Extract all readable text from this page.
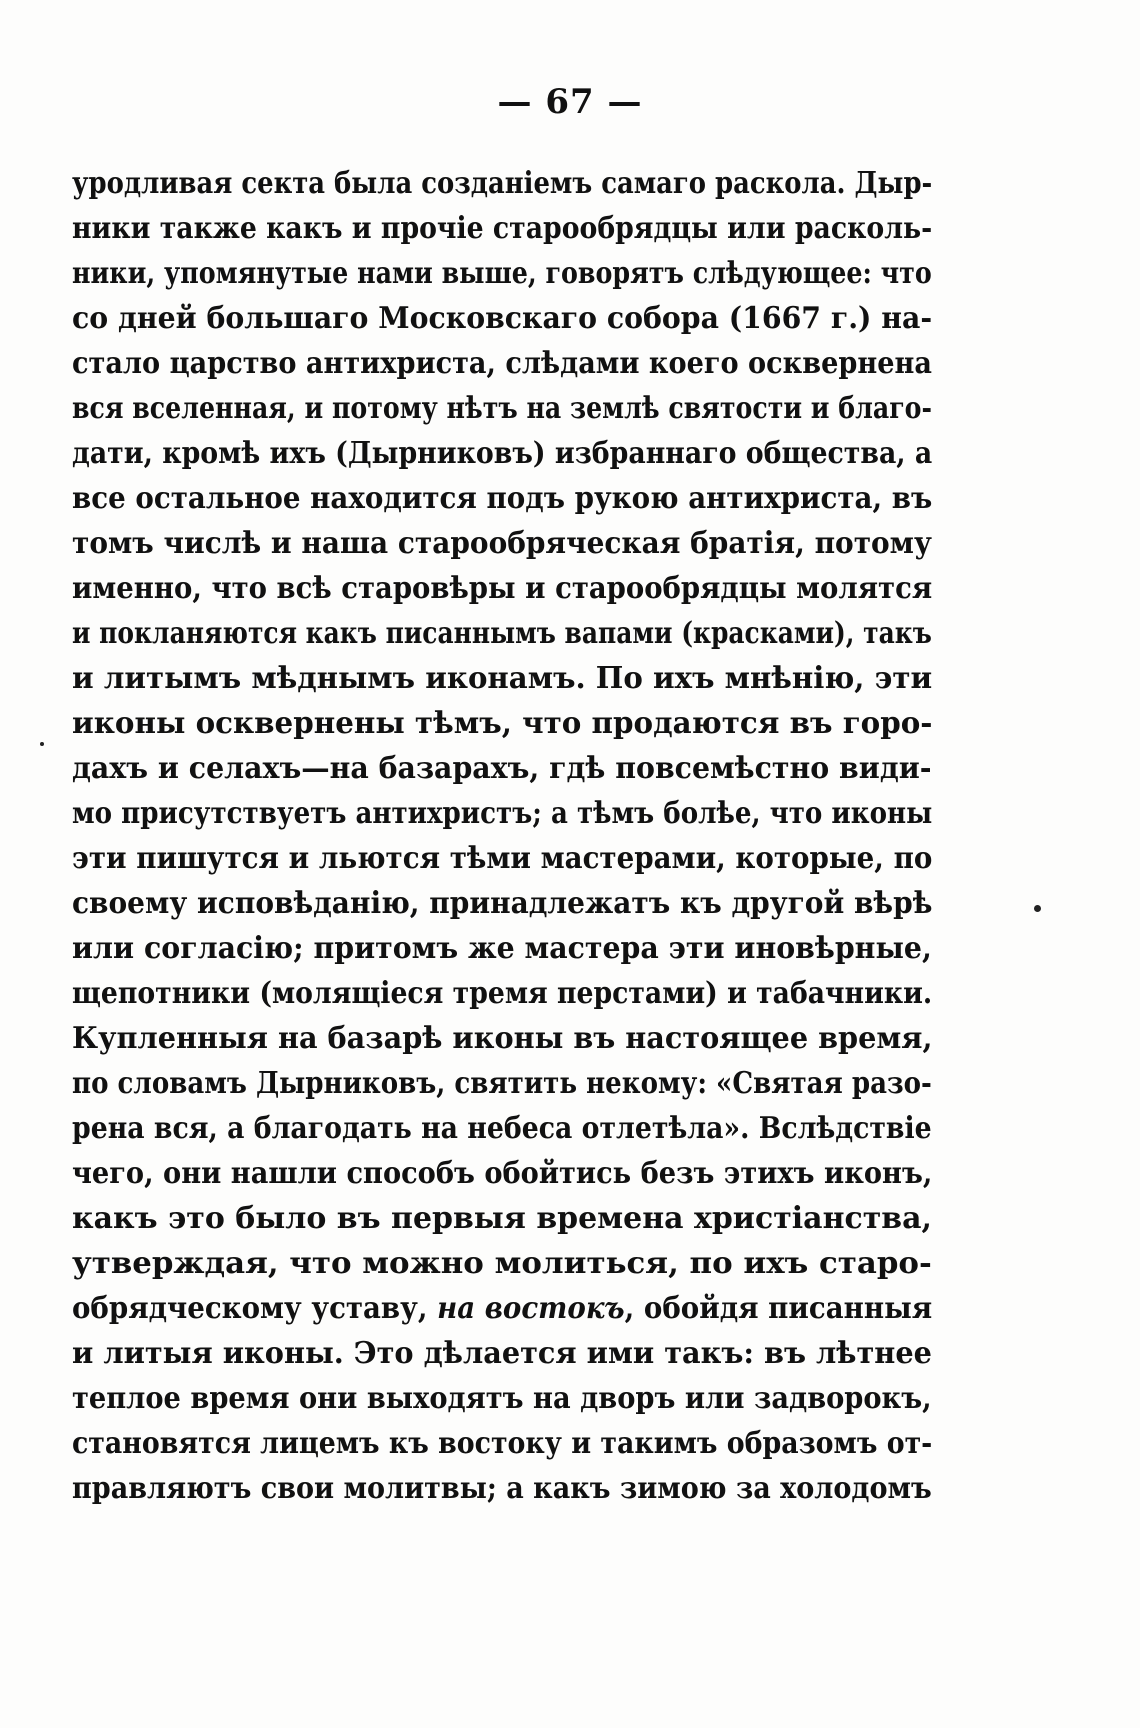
— 67 —
уродливая секта была созданіемъ самаго раскола. Дыр-
ники также какъ и прочіе старообрядцы или расколь-
ники, упомянутые нами выше, говорятъ слѣдующее: что
со дней большаго Московскаго собора (1667 г.) на-
стало царство антихриста, слѣдами коего осквернена
вся вселенная, и потому нѣтъ на землѣ святости и благо-
дати, кромѣ ихъ (Дырниковъ) избраннаго общества, а
все остальное находится подъ рукою антихриста, въ
томъ числѣ и наша старообряческая братія, потому
именно, что всѣ старовѣры и старообрядцы молятся
и покланяются какъ писаннымъ вапами (красками), такъ
и литымъ мѣднымъ иконамъ. По ихъ мнѣнію, эти
иконы осквернены тѣмъ, что продаются въ горо-
дахъ и селахъ—на базарахъ, гдѣ повсемѣстно види-
мо присутствуетъ антихристъ; а тѣмъ болѣе, что иконы
эти пишутся и льются тѣми мастерами, которые, по
своему исповѣданію, принадлежатъ къ другой вѣрѣ
или согласію; притомъ же мастера эти иновѣрные,
щепотники (молящіеся тремя перстами) и табачники.
Купленныя на базарѣ иконы въ настоящее время,
по словамъ Дырниковъ, святить некому: «Святая разо-
рена вся, а благодать на небеса отлетѣла». Вслѣдствіе
чего, они нашли способъ обойтись безъ этихъ иконъ,
какъ это было въ первыя времена христіанства,
утверждая, что можно молиться, по ихъ старо-
обрядческому уставу, на востокъ, обойдя писанныя
и литыя иконы. Это дѣлается ими такъ: въ лѣтнее
теплое время они выходятъ на дворъ или задворокъ,
становятся лицемъ къ востоку и такимъ образомъ от-
правляютъ свои молитвы; а какъ зимою за холодомъ
